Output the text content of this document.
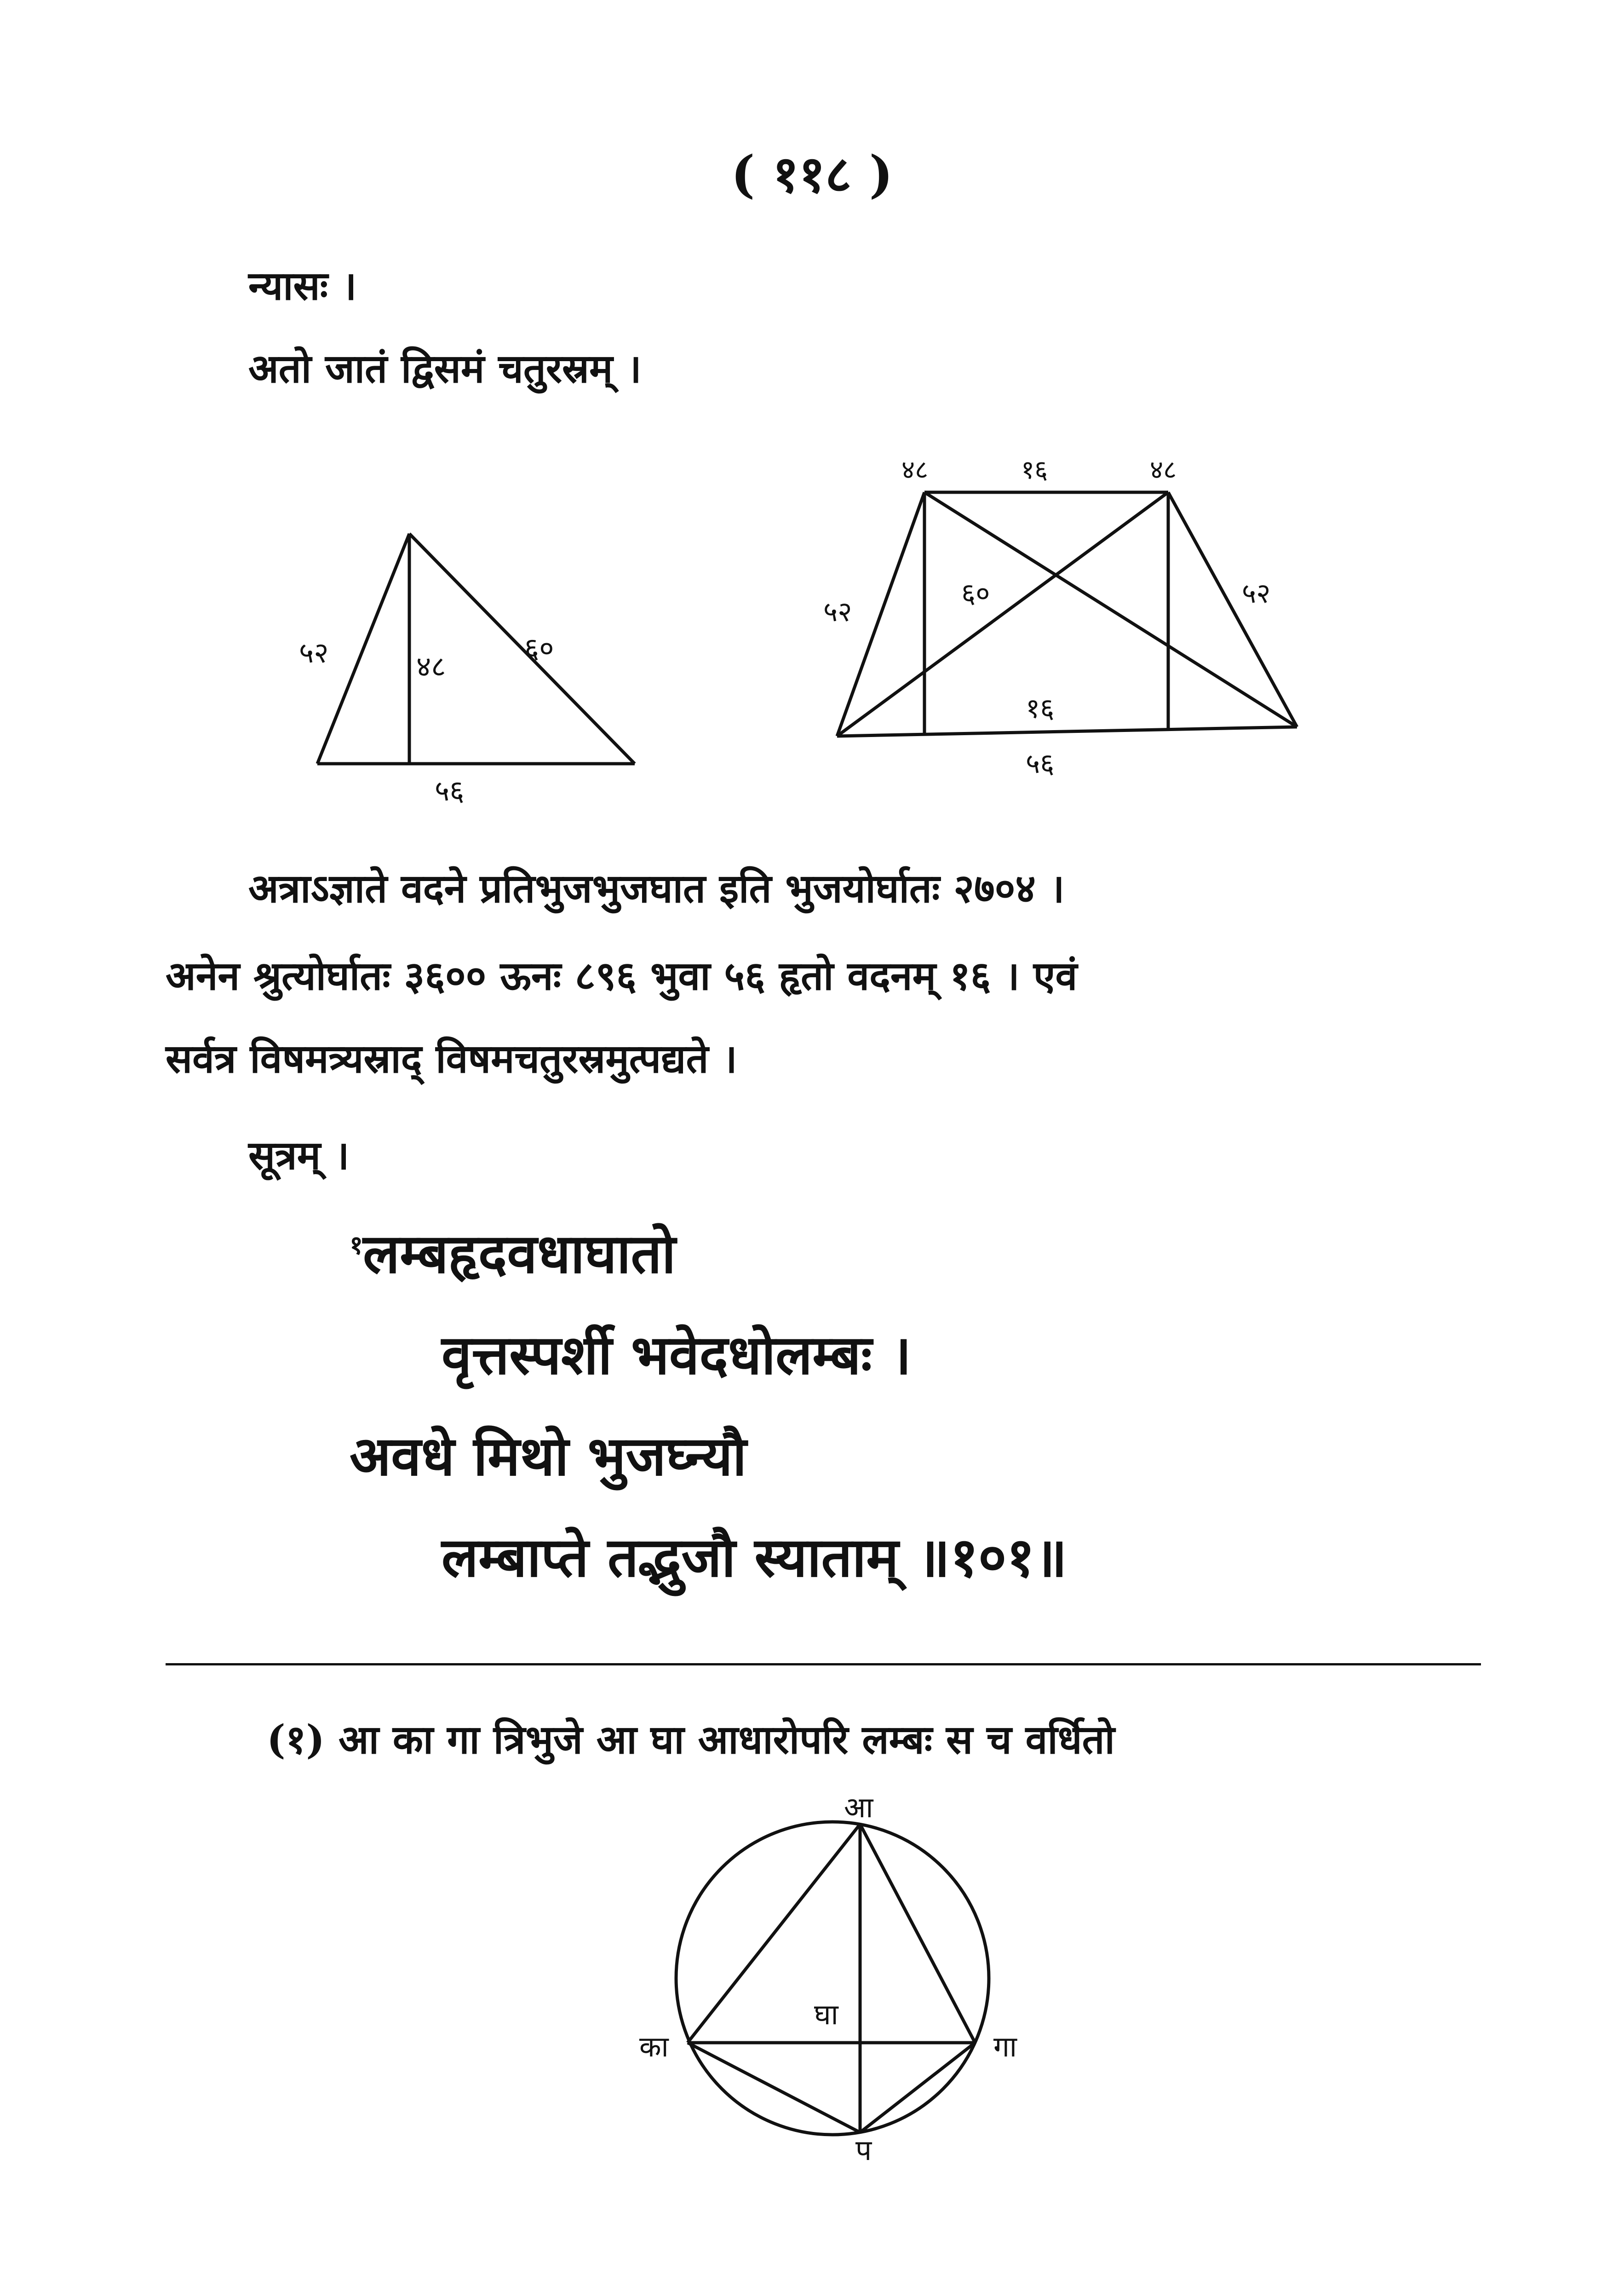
( ११८ )
न्यासः ।
अतो जातं द्विसमं चतुरस्रम् ।
५२	६०
४८
५६
४८	१६	४८
५२
५२
६०
१६
५६
अत्राऽज्ञाते वदने प्रतिभुजभुजघात इति भुजयोर्घातः २७०४ ।
अनेन श्रुत्योर्घातः ३६०० ऊनः ८९६ भुवा ५६ हृतो वदनम् १६ । एवं
सर्वत्र विषमत्र्यस्राद् विषमचतुरस्रमुत्पद्यते ।
सूत्रम् ।
$^१$लम्बहृदवधाघातो
वृत्तस्पर्शी भवेदधोलम्बः ।
अवधे मिथो भुजघ्न्यौ
लम्बाप्ते तद्भुजौ स्याताम् ॥१०१॥
(१) आ का गा त्रिभुजे आ घा आधारोपरि लम्बः स च वर्धितो
आ
का	गा
घा
प
